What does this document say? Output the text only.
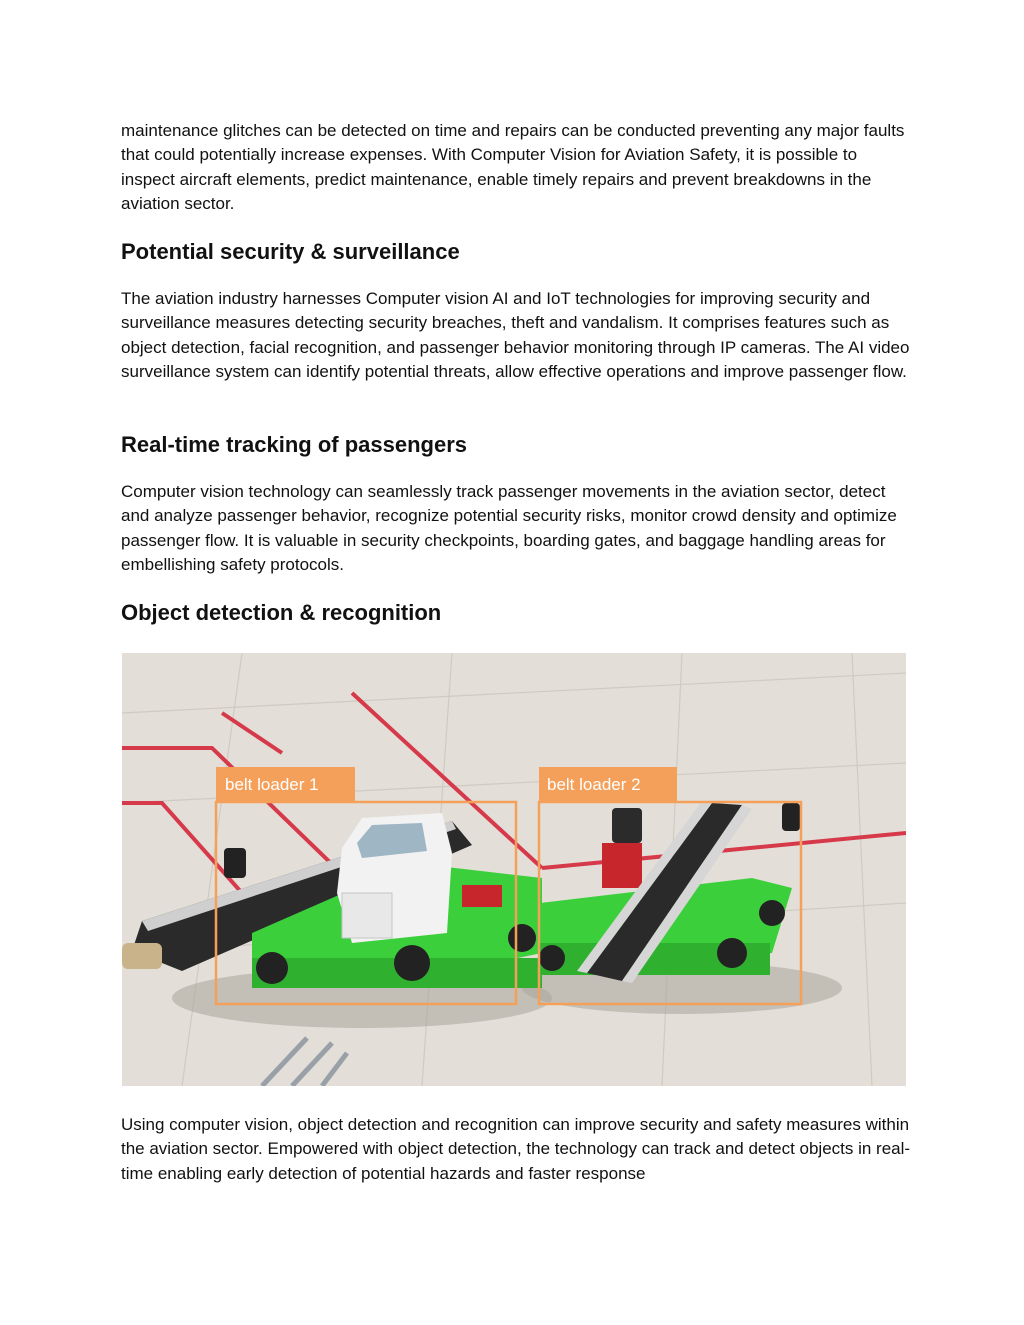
maintenance glitches can be detected on time and repairs can be conducted preventing any major faults that could potentially increase expenses. With Computer Vision for Aviation Safety, it is possible to inspect aircraft elements, predict maintenance, enable timely repairs and prevent breakdowns in the aviation sector.

Potential security & surveillance

The aviation industry harnesses Computer vision AI and IoT technologies for improving security and surveillance measures detecting security breaches, theft and vandalism. It comprises features such as object detection, facial recognition, and passenger behavior monitoring through IP cameras. The AI video surveillance system can identify potential threats, allow effective operations and improve passenger flow.

Real-time tracking of passengers

Computer vision technology can seamlessly track passenger movements in the aviation sector, detect and analyze passenger behavior, recognize potential security risks, monitor crowd density and optimize passenger flow. It is valuable in security checkpoints, boarding gates, and baggage handling areas for embellishing safety protocols.

Object detection & recognition
belt loader 1	belt loader 2

Using computer vision, object detection and recognition can improve security and safety measures within the aviation sector. Empowered with object detection, the technology can track and detect objects in real-time enabling early detection of potential hazards and faster response
